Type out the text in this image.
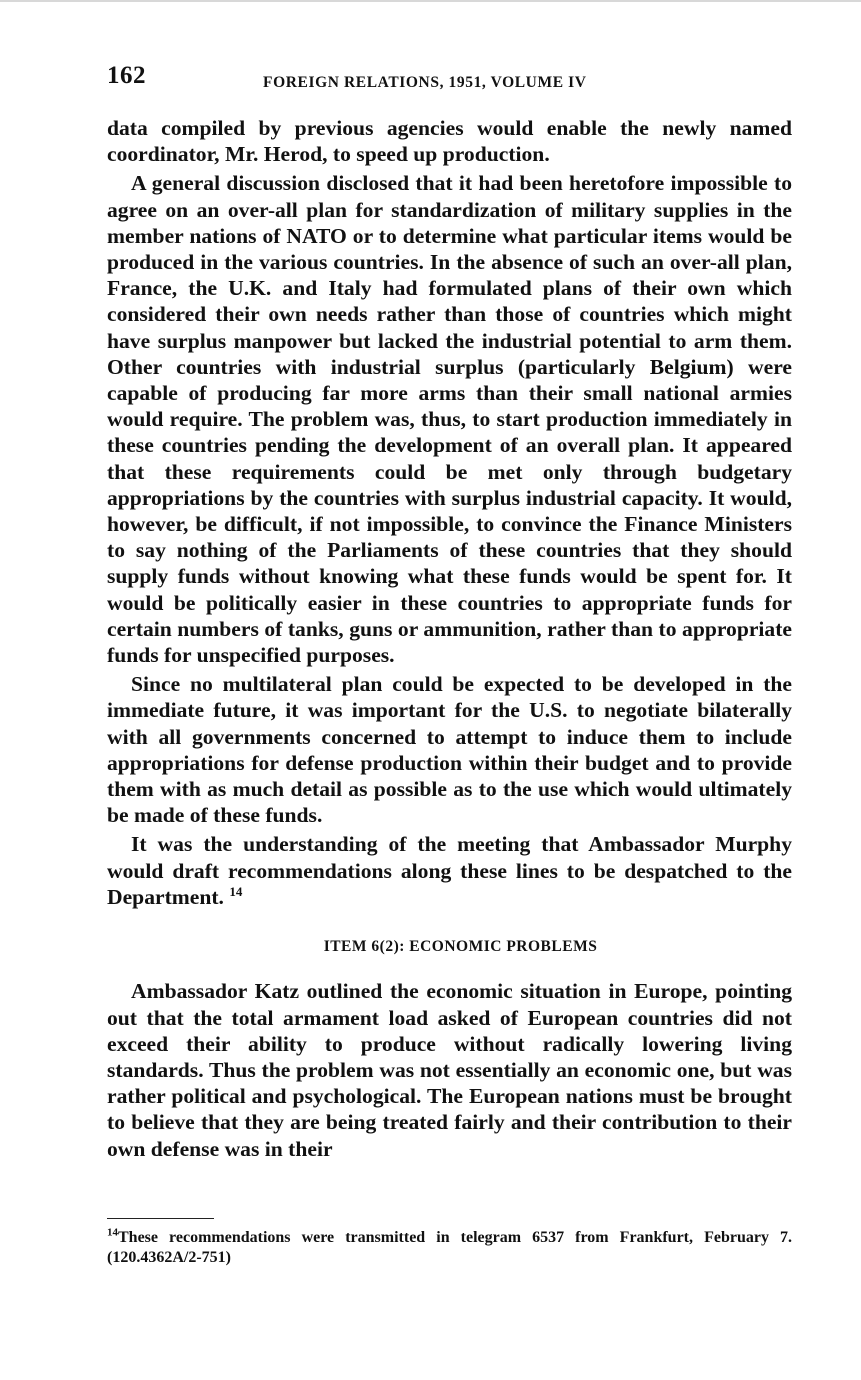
162	FOREIGN RELATIONS, 1951, VOLUME IV

data compiled by previous agencies would enable the newly named coordinator, Mr. Herod, to speed up production.

A general discussion disclosed that it had been heretofore impossible to agree on an over-all plan for standardization of military supplies in the member nations of NATO or to determine what particular items would be produced in the various countries. In the absence of such an over-all plan, France, the U.K. and Italy had formulated plans of their own which considered their own needs rather than those of countries which might have surplus manpower but lacked the industrial potential to arm them. Other countries with industrial surplus (particularly Belgium) were capable of producing far more arms than their small national armies would require. The problem was, thus, to start production immediately in these countries pending the development of an overall plan. It appeared that these requirements could be met only through budgetary appropriations by the countries with surplus industrial capacity. It would, however, be difficult, if not impossible, to convince the Finance Ministers to say nothing of the Parliaments of these countries that they should supply funds without knowing what these funds would be spent for. It would be politically easier in these countries to appropriate funds for certain numbers of tanks, guns or ammunition, rather than to appropriate funds for unspecified purposes.

Since no multilateral plan could be expected to be developed in the immediate future, it was important for the U.S. to negotiate bilaterally with all governments concerned to attempt to induce them to include appropriations for defense production within their budget and to provide them with as much detail as possible as to the use which would ultimately be made of these funds.

It was the understanding of the meeting that Ambassador Murphy would draft recommendations along these lines to be despatched to the Department. $^{14}$

ITEM 6(2): ECONOMIC PROBLEMS

Ambassador Katz outlined the economic situation in Europe, pointing out that the total armament load asked of European countries did not exceed their ability to produce without radically lowering living standards. Thus the problem was not essentially an economic one, but was rather political and psychological. The European nations must be brought to believe that they are being treated fairly and their contribution to their own defense was in their

$^{14}$These recommendations were transmitted in telegram 6537 from Frankfurt, February 7. (120.4362A/2-751)
